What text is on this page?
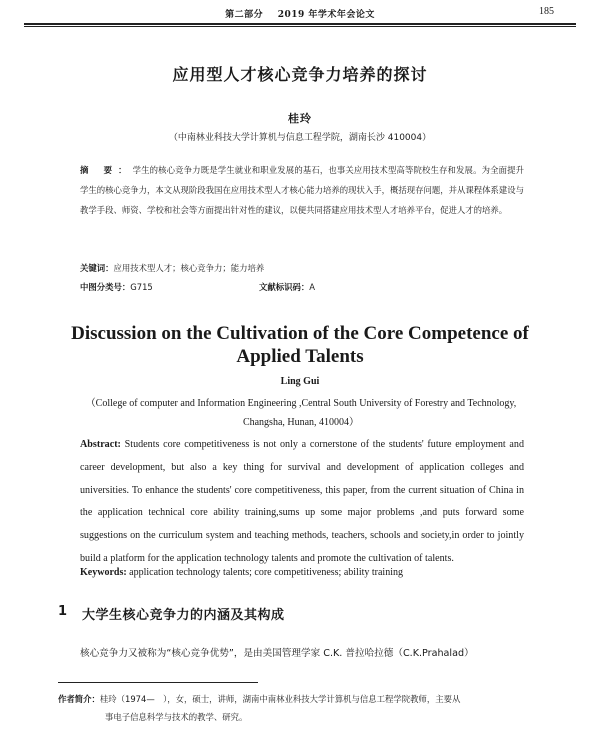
第二部分 2019 年学术年会论文	185
应用型人才核心竞争力培养的探讨
桂玲
（中南林业科技大学计算机与信息工程学院，湖南长沙 410004）
摘 要：学生的核心竞争力既是学生就业和职业发展的基石，也事关应用技术型高等院校生存和发展。为全面提升学生的核心竞争力，本文从现阶段我国在应用技术型人才核心能力培养的现状入手，概括现存问题，并从课程体系建设与教学手段、师资、学校和社会等方面提出针对性的建议，以便共同搭建应用技术型人才培养平台，促进人才的培养。
关键词：应用技术型人才；核心竞争力；能力培养
中图分类号：G715	文献标识码：A
Discussion on the Cultivation of the Core Competence of Applied Talents
Ling Gui
（College of computer and Information Engineering ,Central South University of Forestry and Technology,
Changsha, Hunan, 410004）
Abstract: Students core competitiveness is not only a cornerstone of the students' future employment and career development, but also a key thing for survival and development of application colleges and universities. To enhance the students' core competitiveness, this paper, from the current situation of China in the application technical core ability training,sums up some major problems ,and puts forward some suggestions on the curriculum system and teaching methods, teachers, schools and society,in order to jointly build a platform for the application technology talents and promote the cultivation of talents.
Keywords: application technology talents; core competitiveness; ability training
1 大学生核心竞争力的内涵及其构成
核心竞争力又被称为“核心竞争优势”，是由美国管理学家 C.K. 普拉哈拉德（C.K.Prahalad）
作者简介：桂玲（1974—　），女，硕士，讲师，湖南中南林业科技大学计算机与信息工程学院教师，主要从
事电子信息科学与技术的教学、研究。
